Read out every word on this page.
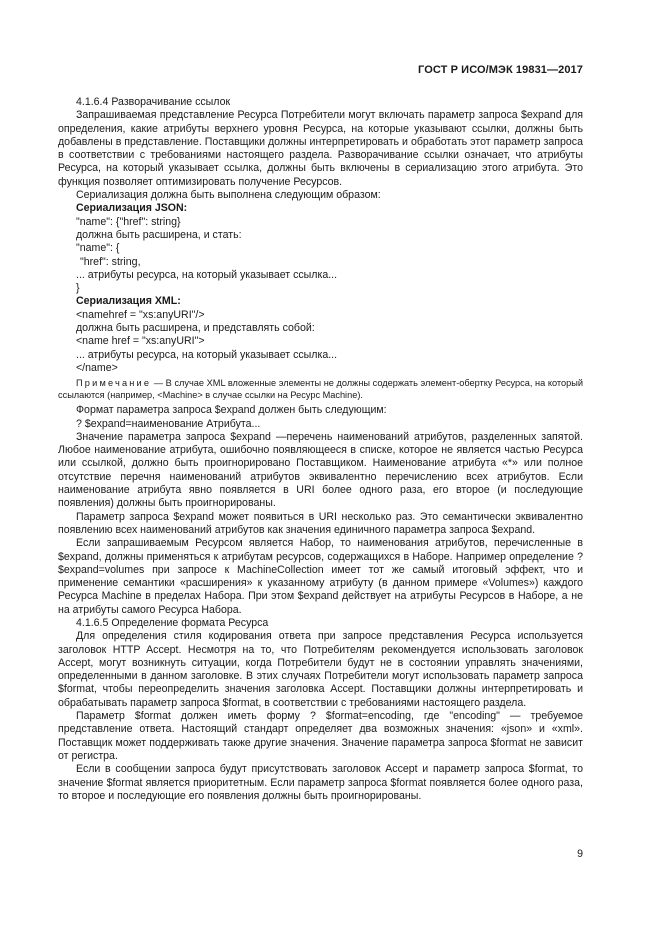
ГОСТ Р ИСО/МЭК 19831—2017

4.1.6.4 Разворачивание ссылок

Запрашиваемая представление Ресурса Потребители могут включать параметр запроса $expand для определения, какие атрибуты верхнего уровня Ресурса, на которые указывают ссылки, должны быть добавлены в представление. Поставщики должны интерпретировать и обработать этот параметр запроса в соответствии с требованиями настоящего раздела. Разворачивание ссылки означает, что атрибуты Ресурса, на который указывает ссылка, должны быть включены в сериализацию этого атрибута. Это функция позволяет оптимизировать получение Ресурсов.

Сериализация должна быть выполнена следующим образом:

Сериализация JSON:

"name": {"href": string}

должна быть расширена, и стать:

"name": {

"href": string,

... атрибуты ресурса, на который указывает ссылка...

}

Сериализация XML:

<namehref = "xs:anyURI"/>

должна быть расширена, и представлять собой:

<name href = "xs:anyURI">

... атрибуты ресурса, на который указывает ссылка...

</name>

Примечание — В случае XML вложенные элементы не должны содержать элемент-обертку Ресурса, на который ссылаются (например, <Machine> в случае ссылки на Ресурс Machine).

Формат параметра запроса $expand должен быть следующим:

? $expand=наименование Атрибута...

Значение параметра запроса $expand —перечень наименований атрибутов, разделенных запятой. Любое наименование атрибута, ошибочно появляющееся в списке, которое не является частью Ресурса или ссылкой, должно быть проигнорировано Поставщиком. Наименование атрибута «*» или полное отсутствие перечня наименований атрибутов эквивалентно перечислению всех атрибутов. Если наименование атрибута явно появляется в URI более одного раза, его второе (и последующие появления) должны быть проигнорированы.

Параметр запроса $expand может появиться в URI несколько раз. Это семантически эквивалентно появлению всех наименований атрибутов как значения единичного параметра запроса $expand.

Если запрашиваемым Ресурсом является Набор, то наименования атрибутов, перечисленные в $expand, должны применяться к атрибутам ресурсов, содержащихся в Наборе. Например определение ? $expand=volumes при запросе к MachineCollection имеет тот же самый итоговый эффект, что и применение семантики «расширения» к указанному атрибуту (в данном примере «Volumes») каждого Ресурса Machine в пределах Набора. При этом $expand действует на атрибуты Ресурсов в Наборе, а не на атрибуты самого Ресурса Набора.

4.1.6.5 Определение формата Ресурса

Для определения стиля кодирования ответа при запросе представления Ресурса используется заголовок HTTP Accept. Несмотря на то, что Потребителям рекомендуется использовать заголовок Accept, могут возникнуть ситуации, когда Потребители будут не в состоянии управлять значениями, определенными в данном заголовке. В этих случаях Потребители могут использовать параметр запроса $format, чтобы переопределить значения заголовка Accept. Поставщики должны интерпретировать и обрабатывать параметр запроса $format, в соответствии с требованиями настоящего раздела.

Параметр $format должен иметь форму ? $format=encoding, где "encoding" — требуемое представление ответа. Настоящий стандарт определяет два возможных значения: «json» и «xml». Поставщик может поддерживать также другие значения. Значение параметра запроса $format не зависит от регистра.

Если в сообщении запроса будут присутствовать заголовок Accept и параметр запроса $format, то значение $format является приоритетным. Если параметр запроса $format появляется более одного раза, то второе и последующие его появления должны быть проигнорированы.

9
